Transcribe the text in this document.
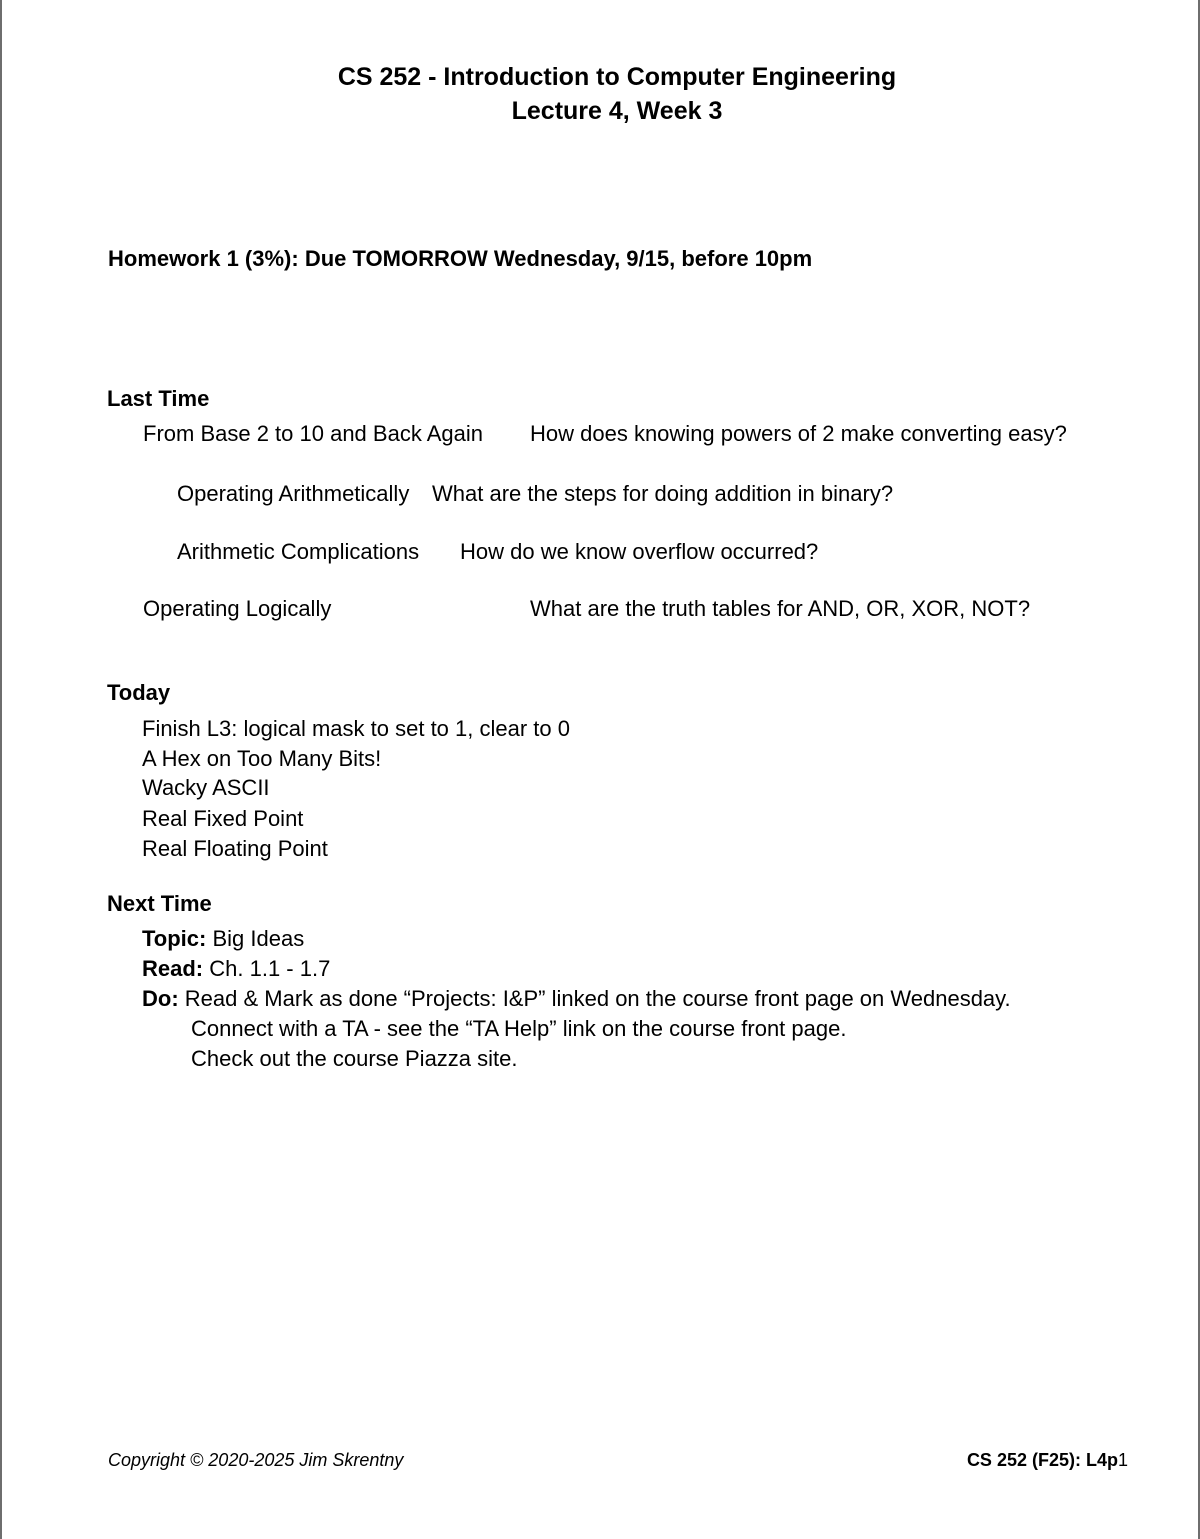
CS 252 - Introduction to Computer Engineering
Lecture 4, Week 3
Homework 1 (3%): Due TOMORROW Wednesday, 9/15, before 10pm
Last Time
From Base 2 to 10 and Back Again How does knowing powers of 2 make converting easy?
Operating Arithmetically What are the steps for doing addition in binary?
Arithmetic Complications How do we know overflow occurred?
Operating Logically	What are the truth tables for AND, OR, XOR, NOT?
Today
Finish L3: logical mask to set to 1, clear to 0
A Hex on Too Many Bits!
Wacky ASCII
Real Fixed Point
Real Floating Point
Next Time
Topic: Big Ideas
Read: Ch. 1.1 - 1.7
Do: Read & Mark as done “Projects: I&P” linked on the course front page on Wednesday.
Connect with a TA - see the “TA Help” link on the course front page.
Check out the course Piazza site.
Copyright © 2020-2025 Jim Skrentny	CS 252 (F25): L4p1
